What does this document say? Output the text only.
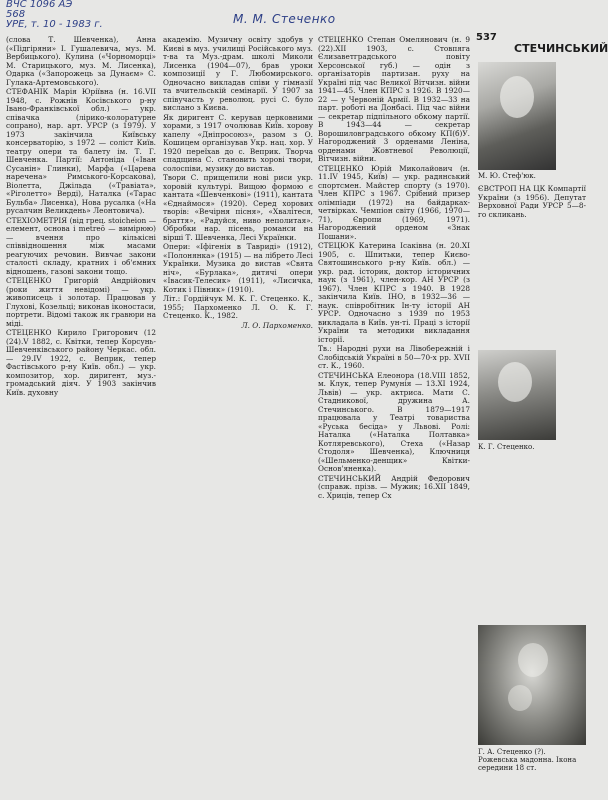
ВЧС 1096 АЭ
568
УРЕ, т. 10 - 1983 г.	М. М. Стеченко
537
СТЕЧИНСЬКИЙ

(слова Т. Шевченка), Анна («Підгіряни» І. Гушалевича, муз. М. Вербицького). Кулина («Чорноморці» М. Старицького, муз. М. Лисенка), Одарка («Запорожець за Дунаєм» С. Гулака-Артемовського).

СТЕФАНІК Марія Юріївна (н. 16.VII 1948, с. Рожнів Косівського р-ну Івано-Франківської обл.) — укр. співачка (лірико-колоратурне сопрано), нар. арт. УРСР (з 1979). У 1973 закінчила Київську консерваторію, з 1972 — соліст Київ. театру опери та балету ім. Т. Г. Шевченка. Партії: Антоніда («Іван Сусанін» Глинки), Марфа («Царева наречена» Римського-Корсакова), Віолетта, Джільда («Травіата», «Ріголетто» Верді), Наталка («Тарас Бульба» Лисенка), Нова русалка («На русалчин Великдень» Леонтовича).

СТЕХІОМЕТРІЯ (від грец. stoicheion — елемент, основа і metreō — вимірюю) — вчення про кількісні співвідношення між масами реагуючих речовин. Вивчає закони сталості складу, кратних і об'ємних відношень, газові закони тощо.

СТЕЦЕНКО Григорій Андрійович (роки життя невідомі) — укр. живописець і золотар. Працював у Глухові, Козельці; виконав іконостаси, портрети. Відомі також як гравюри на міді.

СТЕЦЕНКО Кирило Григорович (12 (24).V 1882, с. Квітки, тепер Корсунь-Шевченківського району Черкас. обл. — 29.IV 1922, с. Веприк, тепер Фастівського р-ну Київ. обл.) — укр. композитор, хор. диригент, муз.-громадський діяч. У 1903 закінчив Київ. духовну

академію. Музичну освіту здобув у Києві в муз. училищі Російського муз. т-ва та Муз.-драм. школі Миколи Лисенка (1904—07), брав уроки композиції у Г. Любомирського. Одночасно викладав співи у гімназії та вчительській семінарії. У 1907 за співучасть у революц. русі С. було вислано з Києва.

Як диригент С. керував церковними хорами, з 1917 очолював Київ. хорову капелу «Дніпросоюз», разом з О. Кошицем організував Укр. нац. хор. У 1920 переїхав до с. Веприк. Творча спадщина С. становить хорові твори, солоспіви, музику до вистав.

Твори С. прищепили нові риси укр. хоровій культурі. Вищою формою є кантата «Шевченкові» (1911), кантата «Єднаймося» (1920). Серед хорових творів: «Вечірня пісня», «Хвалітеся, браття», «Радуйся, ниво неполитая». Обробки нар. пісень, романси на вірші Т. Шевченка, Лесі Українки.

Опери: «Іфігенія в Тавриді» (1912), «Полонянка» (1915) — на лібрето Лесі Українки. Музика до вистав «Свята ніч», «Бурлака», дитячі опери «Івасик-Телесик» (1911), «Лисичка, Котик і Півник» (1910).

Літ.: Гордійчук М. К. Г. Стеценко. К., 1955; Пархоменко Л. О. К. Г. Стеценко. К., 1982.

Л. О. Пархоменко.

СТЕЦЕНКО Степан Омелянович (н. 9 (22).XII 1903, с. Стовпяга Єлизаветградського повіту Херсонської губ.) — одін з організаторів партизан. руху на Україні під час Великої Вітчизн. війни 1941—45. Член КПРС з 1926. В 1920—22 — у Червоній Армії. В 1932—33 на парт. роботі на Донбасі. Під час війни — секретар підпільного обкому партії. В 1943—44 — секретар Ворошиловградського обкому КП(б)У. Нагороджений 3 орденами Леніна, орденами Жовтневої Революції, Вітчизн. війни.

СТЕЦЕНКО Юрій Миколайович (н. 11.IV 1945, Київ) — укр. радянський спортсмен. Майстер спорту (з 1970). Член КПРС з 1967. Срібний призер олімпіади (1972) на байдарках-четвірках. Чемпіон світу (1966, 1970—71), Європи (1969, 1971). Нагороджений орденом «Знак Пошани».

СТЕЦЮК Катерина Ісаківна (н. 20.XI 1905, с. Шпитьки, тепер Києво-Святошинського р-ну Київ. обл.) — укр. рад. історик, доктор історичних наук (з 1961), член-кор. АН УРСР (з 1967). Член КПРС з 1940. В 1928 закінчила Київ. ІНО, в 1932—36 — наук. співробітник Ін-ту історії АН УРСР. Одночасно з 1939 по 1953 викладала в Київ. ун-ті. Праці з історії України та методики викладання історії.

Тв.: Народні рухи на Лівобережній і Слобідській Україні в 50—70-х рр. XVII ст. К., 1960.

СТЕЧИНСЬКА Елеонора (18.VIII 1852, м. Клук, тепер Румунія — 13.XI 1924, Львів) — укр. актриса. Мати С. Стадникової, дружина А. Стечинського. В 1879—1917 працювала у Театрі товариства «Руська бесіда» у Львові. Ролі: Наталка («Наталка Полтавка» Котляревського), Стеха («Назар Стодоля» Шевченка), Ключниця («Шельменко-денщик» Квітки-Основ'яненка).

СТЕЧИНСЬКИЙ Андрій Федорович (справж. прізв. — Мужик; 16.XII 1849, с. Хриців, тепер Сх

М. Ю. Стеф'юк.

ЄВСТРОП НА ЦК Компартії України (з 1956). Депутат Верховної Ради УРСР 5—8-го скликань.

К. Г. Стеценко.
Г. А. Стеценко (?). Рожевська мадонна. Ікона середини 18 ст.
